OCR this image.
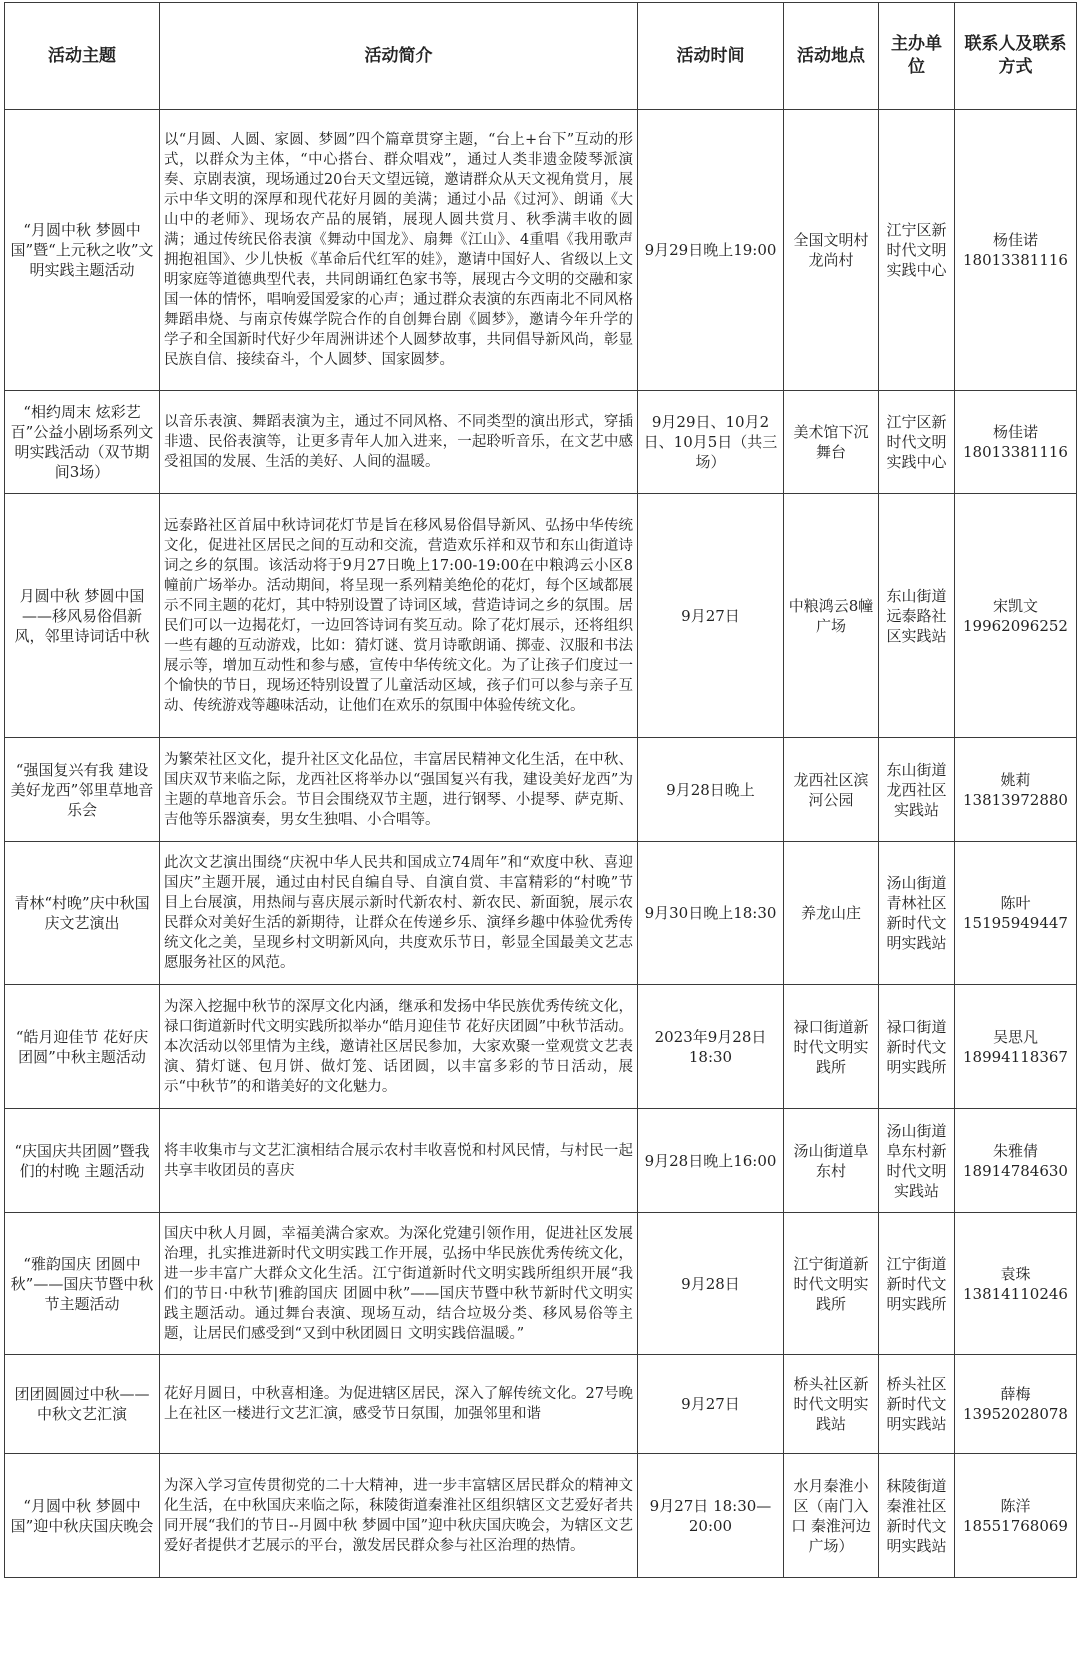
活动主题	活动简介	活动时间	活动地点	主办单位	联系人及联系方式
“月圆中秋 梦圆中国”暨“上元秋之收”文明实践主题活动	以“月圆、人圆、家圆、梦圆”四个篇章贯穿主题，“台上+台下”互动的形式，以群众为主体，“中心搭台、群众唱戏”，通过人类非遗金陵琴派演奏、京剧表演，现场通过20台天文望远镜，邀请群众从天文视角赏月，展示中华文明的深厚和现代花好月圆的美满；通过小品《过河》、朗诵《大山中的老师》、现场农产品的展销，展现人圆共赏月、秋季满丰收的圆满；通过传统民俗表演《舞动中国龙》、扇舞《江山》、4重唱《我用歌声拥抱祖国》、少儿快板《革命后代红军的娃》，邀请中国好人、省级以上文明家庭等道德典型代表，共同朗诵红色家书等，展现古今文明的交融和家国一体的情怀，唱响爱国爱家的心声；通过群众表演的东西南北不同风格舞蹈串烧、与南京传媒学院合作的自创舞台剧《圆梦》，邀请今年升学的学子和全国新时代好少年周洲讲述个人圆梦故事，共同倡导新风尚，彰显民族自信、接续奋斗，个人圆梦、国家圆梦。	9月29日晚上19:00	全国文明村龙尚村	江宁区新时代文明实践中心	杨佳诺 18013381116
“相约周末 炫彩艺百”公益小剧场系列文明实践活动（双节期间3场）	以音乐表演、舞蹈表演为主，通过不同风格、不同类型的演出形式，穿插非遗、民俗表演等，让更多青年人加入进来，一起聆听音乐，在文艺中感受祖国的发展、生活的美好、人间的温暖。	9月29日、10月2日、10月5日（共三场）	美术馆下沉舞台	江宁区新时代文明实践中心	杨佳诺 18013381116
月圆中秋 梦圆中国——移风易俗倡新风，邻里诗词话中秋	远泰路社区首届中秋诗词花灯节是旨在移风易俗倡导新风、弘扬中华传统文化，促进社区居民之间的互动和交流，营造欢乐祥和双节和东山街道诗词之乡的氛围。该活动将于9月27日晚上17:00-19:00在中粮鸿云小区8幢前广场举办。活动期间，将呈现一系列精美绝伦的花灯，每个区域都展示不同主题的花灯，其中特别设置了诗词区域，营造诗词之乡的氛围。居民们可以一边揭花灯，一边回答诗词有奖互动。除了花灯展示，还将组织一些有趣的互动游戏，比如：猜灯谜、赏月诗歌朗诵、掷壶、汉服和书法展示等，增加互动性和参与感，宣传中华传统文化。为了让孩子们度过一个愉快的节日，现场还特别设置了儿童活动区域，孩子们可以参与亲子互动、传统游戏等趣味活动，让他们在欢乐的氛围中体验传统文化。	9月27日	中粮鸿云8幢广场	东山街道远泰路社区实践站	宋凯文 19962096252
“强国复兴有我 建设美好龙西”邻里草地音乐会	为繁荣社区文化，提升社区文化品位，丰富居民精神文化生活，在中秋、国庆双节来临之际，龙西社区将举办以“强国复兴有我，建设美好龙西”为主题的草地音乐会。节目会围绕双节主题，进行钢琴、小提琴、萨克斯、吉他等乐器演奏，男女生独唱、小合唱等。	9月28日晚上	龙西社区滨河公园	东山街道龙西社区实践站	姚莉 13813972880
青林“村晚”庆中秋国庆文艺演出	此次文艺演出围绕“庆祝中华人民共和国成立74周年”和“欢度中秋、喜迎国庆”主题开展，通过由村民自编自导、自演自赏、丰富精彩的“村晚”节目上台展演，用热闹与喜庆展示新时代新农村、新农民、新面貌，展示农民群众对美好生活的新期待，让群众在传递乡乐、演绎乡趣中体验优秀传统文化之美，呈现乡村文明新风向，共度欢乐节日，彰显全国最美文艺志愿服务社区的风范。	9月30日晚上18:30	养龙山庄	汤山街道青林社区新时代文明实践站	陈叶 15195949447
“皓月迎佳节 花好庆团圆”中秋主题活动	为深入挖掘中秋节的深厚文化内涵，继承和发扬中华民族优秀传统文化，禄口街道新时代文明实践所拟举办“皓月迎佳节 花好庆团圆”中秋节活动。本次活动以邻里情为主线，邀请社区居民参加，大家欢聚一堂观赏文艺表演、猜灯谜、包月饼、做灯笼、话团圆，以丰富多彩的节日活动，展示“中秋节”的和谐美好的文化魅力。	2023年9月28日 18:30	禄口街道新时代文明实践所	禄口街道新时代文明实践所	吴思凡 18994118367
“庆国庆共团圆”暨我们的村晚 主题活动	将丰收集市与文艺汇演相结合展示农村丰收喜悦和村风民情，与村民一起共享丰收团员的喜庆	9月28日晚上16:00	汤山街道阜东村	汤山街道阜东村新时代文明实践站	朱雅倩 18914784630
“雅韵国庆 团圆中秋”——国庆节暨中秋节主题活动	国庆中秋人月圆，幸福美满合家欢。为深化党建引领作用，促进社区发展治理，扎实推进新时代文明实践工作开展，弘扬中华民族优秀传统文化，进一步丰富广大群众文化生活。江宁街道新时代文明实践所组织开展“我们的节日·中秋节|雅韵国庆 团圆中秋”——国庆节暨中秋节新时代文明实践主题活动。通过舞台表演、现场互动，结合垃圾分类、移风易俗等主题，让居民们感受到“又到中秋团圆日 文明实践倍温暖。”	9月28日	江宁街道新时代文明实践所	江宁街道新时代文明实践所	袁珠 13814110246
团团圆圆过中秋——中秋文艺汇演	花好月圆日，中秋喜相逢。为促进辖区居民，深入了解传统文化。27号晚上在社区一楼进行文艺汇演，感受节日氛围，加强邻里和谐	9月27日	桥头社区新时代文明实践站	桥头社区新时代文明实践站	薛梅 13952028078
“月圆中秋 梦圆中国”迎中秋庆国庆晚会	为深入学习宣传贯彻党的二十大精神，进一步丰富辖区居民群众的精神文化生活，在中秋国庆来临之际，秣陵街道秦淮社区组织辖区文艺爱好者共同开展“我们的节日--月圆中秋 梦圆中国”迎中秋庆国庆晚会，为辖区文艺爱好者提供才艺展示的平台，激发居民群众参与社区治理的热情。	9月27日 18:30—20:00	水月秦淮小区（南门入口 秦淮河边广场）	秣陵街道秦淮社区新时代文明实践站	陈洋 18551768069
